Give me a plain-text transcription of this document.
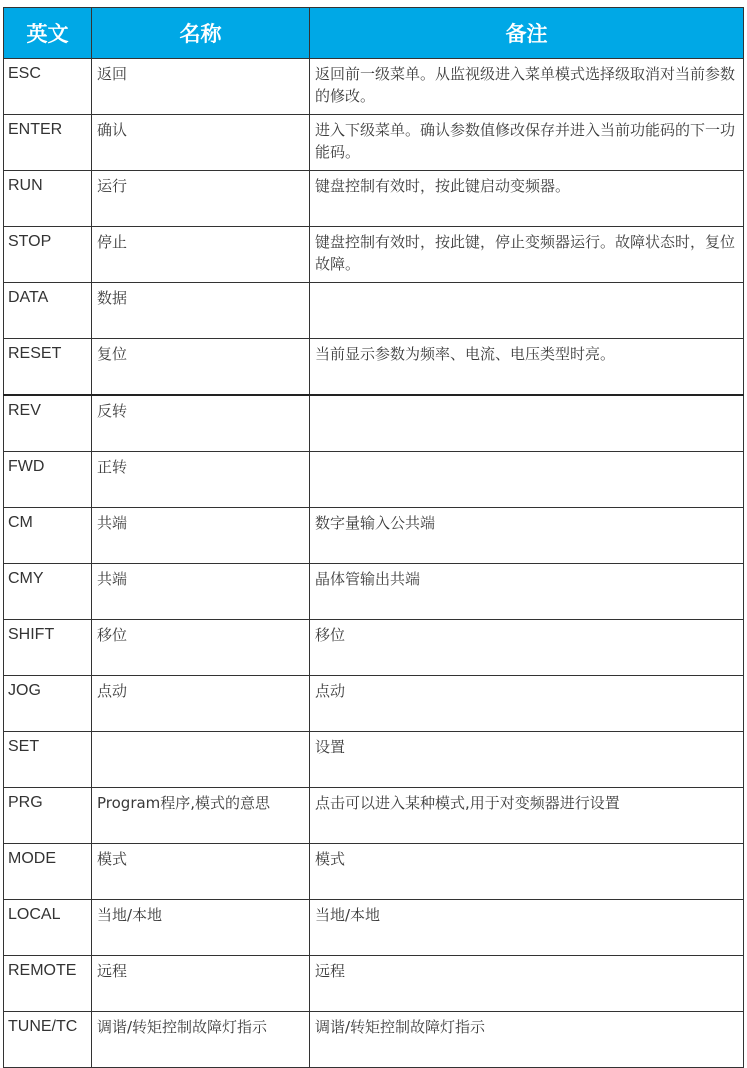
英文	名称	备注
ESC	返回	返回前一级菜单。从监视级进入菜单模式选择级取消对当前参数的修改。
ENTER	确认	进入下级菜单。确认参数值修改保存并进入当前功能码的下一功能码。
RUN	运行	键盘控制有效时，按此键启动变频器。
STOP	停止	键盘控制有效时，按此键，停止变频器运行。故障状态时，复位故障。
DATA	数据	
RESET	复位	当前显示参数为频率、电流、电压类型时亮。
REV	反转	
FWD	正转	
CM	共端	数字量输入公共端
CMY	共端	晶体管输出共端
SHIFT	移位	移位
JOG	点动	点动
SET		设置
PRG	Program程序,模式的意思	点击可以进入某种模式,用于对变频器进行设置
MODE	模式	模式
LOCAL	当地/本地	当地/本地
REMOTE	远程	远程
TUNE/TC	调谐/转矩控制故障灯指示	调谐/转矩控制故障灯指示
